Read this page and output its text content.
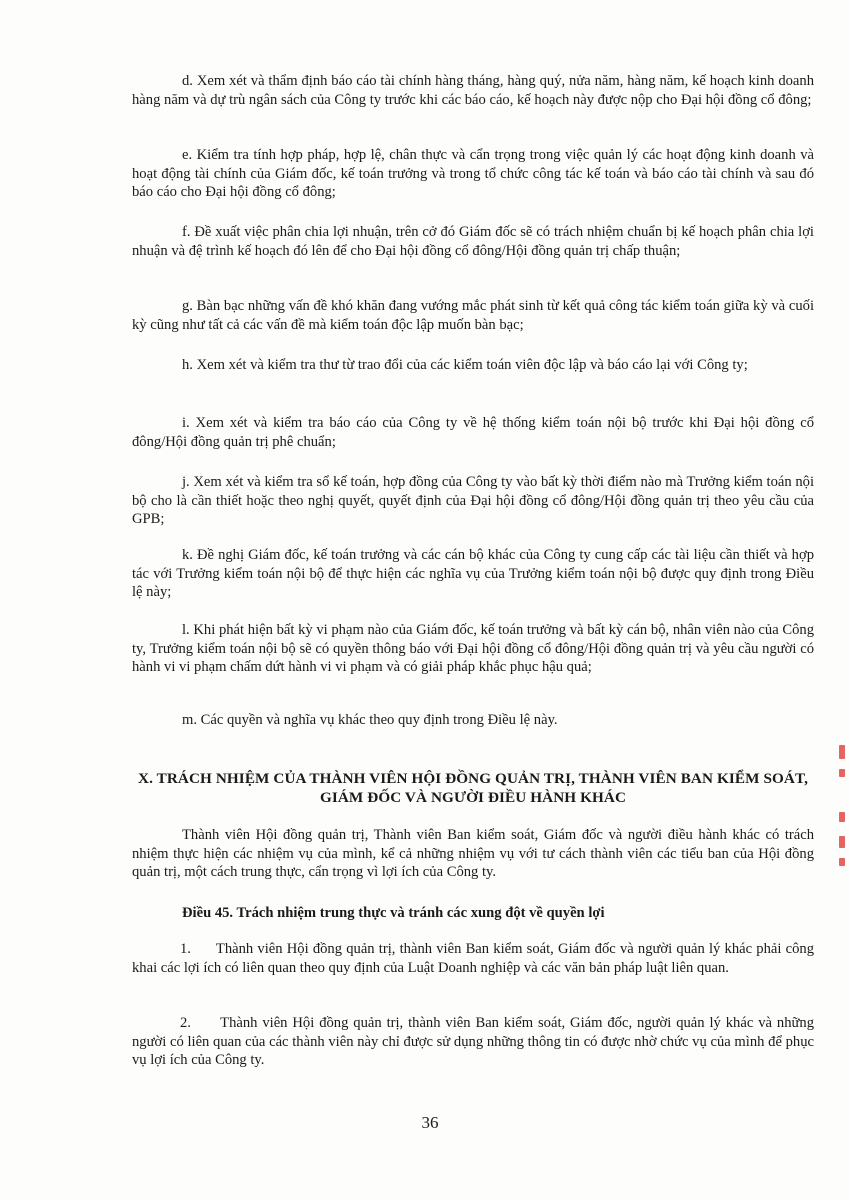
d. Xem xét và thẩm định báo cáo tài chính hàng tháng, hàng quý, nửa năm, hàng năm, kế hoạch kinh doanh hàng năm và dự trù ngân sách của Công ty trước khi các báo cáo, kế hoạch này được nộp cho Đại hội đồng cổ đông;

e. Kiểm tra tính hợp pháp, hợp lệ, chân thực và cẩn trọng trong việc quản lý các hoạt động kinh doanh và hoạt động tài chính của Giám đốc, kế toán trưởng và trong tổ chức công tác kế toán và báo cáo tài chính và sau đó báo cáo cho Đại hội đồng cổ đông;

f. Đề xuất việc phân chia lợi nhuận, trên cở đó Giám đốc sẽ có trách nhiệm chuẩn bị kế hoạch phân chia lợi nhuận và đệ trình kế hoạch đó lên để cho Đại hội đồng cổ đông/Hội đồng quản trị chấp thuận;

g. Bàn bạc những vấn đề khó khăn đang vướng mắc phát sinh từ kết quả công tác kiểm toán giữa kỳ và cuối kỳ cũng như tất cả các vấn đề mà kiểm toán độc lập muốn bàn bạc;

h. Xem xét và kiểm tra thư từ trao đổi của các kiểm toán viên độc lập và báo cáo lại với Công ty;

i. Xem xét và kiểm tra báo cáo của Công ty về hệ thống kiểm toán nội bộ trước khi Đại hội đồng cổ đông/Hội đồng quản trị phê chuẩn;

j. Xem xét và kiểm tra sổ kế toán, hợp đồng của Công ty vào bất kỳ thời điểm nào mà Trưởng kiểm toán nội bộ cho là cần thiết hoặc theo nghị quyết, quyết định của Đại hội đồng cổ đông/Hội đồng quản trị theo yêu cầu của GPB;

k. Đề nghị Giám đốc, kế toán trưởng và các cán bộ khác của Công ty cung cấp các tài liệu cần thiết và hợp tác với Trưởng kiểm toán nội bộ để thực hiện các nghĩa vụ của Trưởng kiểm toán nội bộ được quy định trong Điều lệ này;

l. Khi phát hiện bất kỳ vi phạm nào của Giám đốc, kế toán trưởng và bất kỳ cán bộ, nhân viên nào của Công ty, Trưởng kiểm toán nội bộ sẽ có quyền thông báo với Đại hội đồng cổ đông/Hội đồng quản trị và yêu cầu người có hành vi vi phạm chấm dứt hành vi vi phạm và có giải pháp khắc phục hậu quả;

m. Các quyền và nghĩa vụ khác theo quy định trong Điều lệ này.

X. TRÁCH NHIỆM CỦA THÀNH VIÊN HỘI ĐỒNG QUẢN TRỊ, THÀNH VIÊN BAN KIỂM SOÁT, GIÁM ĐỐC VÀ NGƯỜI ĐIỀU HÀNH KHÁC

Thành viên Hội đồng quản trị, Thành viên Ban kiểm soát, Giám đốc và người điều hành khác có trách nhiệm thực hiện các nhiệm vụ của mình, kể cả những nhiệm vụ với tư cách thành viên các tiểu ban của Hội đồng quản trị, một cách trung thực, cẩn trọng vì lợi ích của Công ty.

Điều 45. Trách nhiệm trung thực và tránh các xung đột về quyền lợi

1.      Thành viên Hội đồng quản trị, thành viên Ban kiểm soát, Giám đốc và người quản lý khác phải công khai các lợi ích có liên quan theo quy định của Luật Doanh nghiệp và các văn bản pháp luật liên quan.

2.      Thành viên Hội đồng quản trị, thành viên Ban kiểm soát, Giám đốc, người quản lý khác và những người có liên quan của các thành viên này chỉ được sử dụng những thông tin có được nhờ chức vụ của mình để phục vụ lợi ích của Công ty.

36
